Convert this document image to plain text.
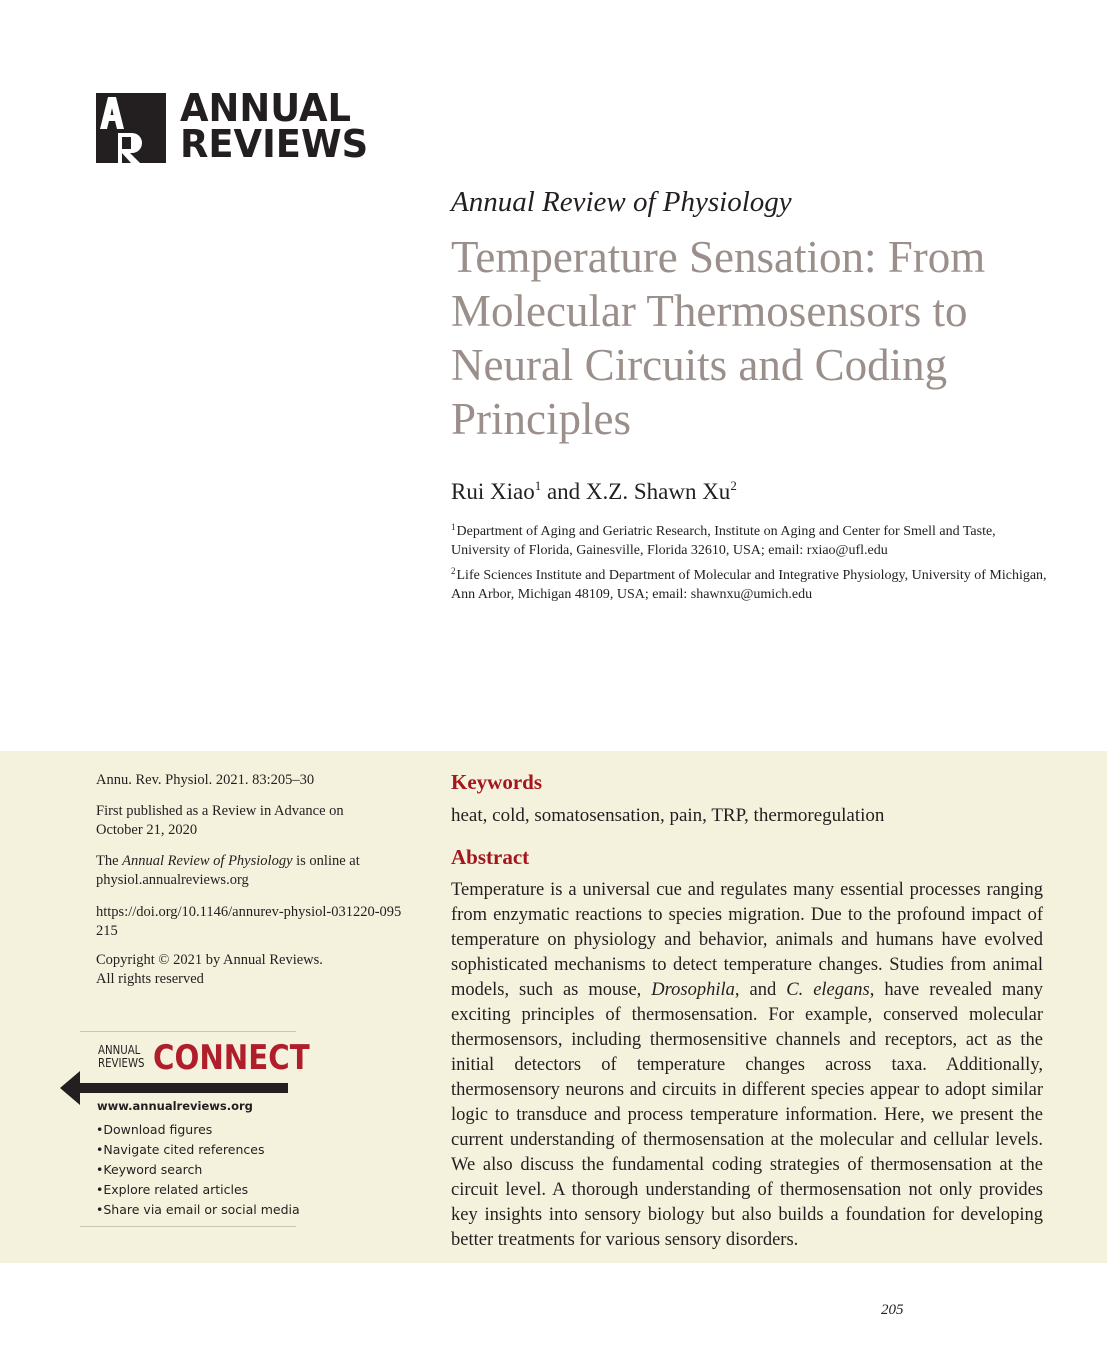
ANNUAL
REVIEWS
Annual Review of Physiology
Temperature Sensation: From Molecular Thermosensors to Neural Circuits and Coding Principles
Rui Xiao$^1$ and X.Z. Shawn Xu$^2$
$^1$Department of Aging and Geriatric Research, Institute on Aging and Center for Smell and Taste, University of Florida, Gainesville, Florida 32610, USA; email: rxiao@ufl.edu
$^2$Life Sciences Institute and Department of Molecular and Integrative Physiology, University of Michigan, Ann Arbor, Michigan 48109, USA; email: shawnxu@umich.edu
Annu. Rev. Physiol. 2021. 83:205–30
First published as a Review in Advance on October 21, 2020
The Annual Review of Physiology is online at physiol.annualreviews.org
https://doi.org/10.1146/annurev-physiol-031220-095215
Copyright © 2021 by Annual Reviews.
All rights reserved
ANNUAL
REVIEWS CONNECT
www.annualreviews.org
• Download figures
• Navigate cited references
• Keyword search
• Explore related articles
• Share via email or social media
Keywords
heat, cold, somatosensation, pain, TRP, thermoregulation
Abstract
Temperature is a universal cue and regulates many essential processes ranging from enzymatic reactions to species migration. Due to the profound impact of temperature on physiology and behavior, animals and humans have evolved sophisticated mechanisms to detect temperature changes. Studies from animal models, such as mouse, Drosophila, and C. elegans, have revealed many exciting principles of thermosensation. For example, conserved molecular thermosensors, including thermosensitive channels and receptors, act as the initial detectors of temperature changes across taxa. Additionally, thermosensory neurons and circuits in different species appear to adopt similar logic to transduce and process temperature information. Here, we present the current understanding of thermosensation at the molecular and cellular levels. We also discuss the fundamental coding strategies of thermosensation at the circuit level. A thorough understanding of thermosensation not only provides key insights into sensory biology but also builds a foundation for developing better treatments for various sensory disorders.
205
